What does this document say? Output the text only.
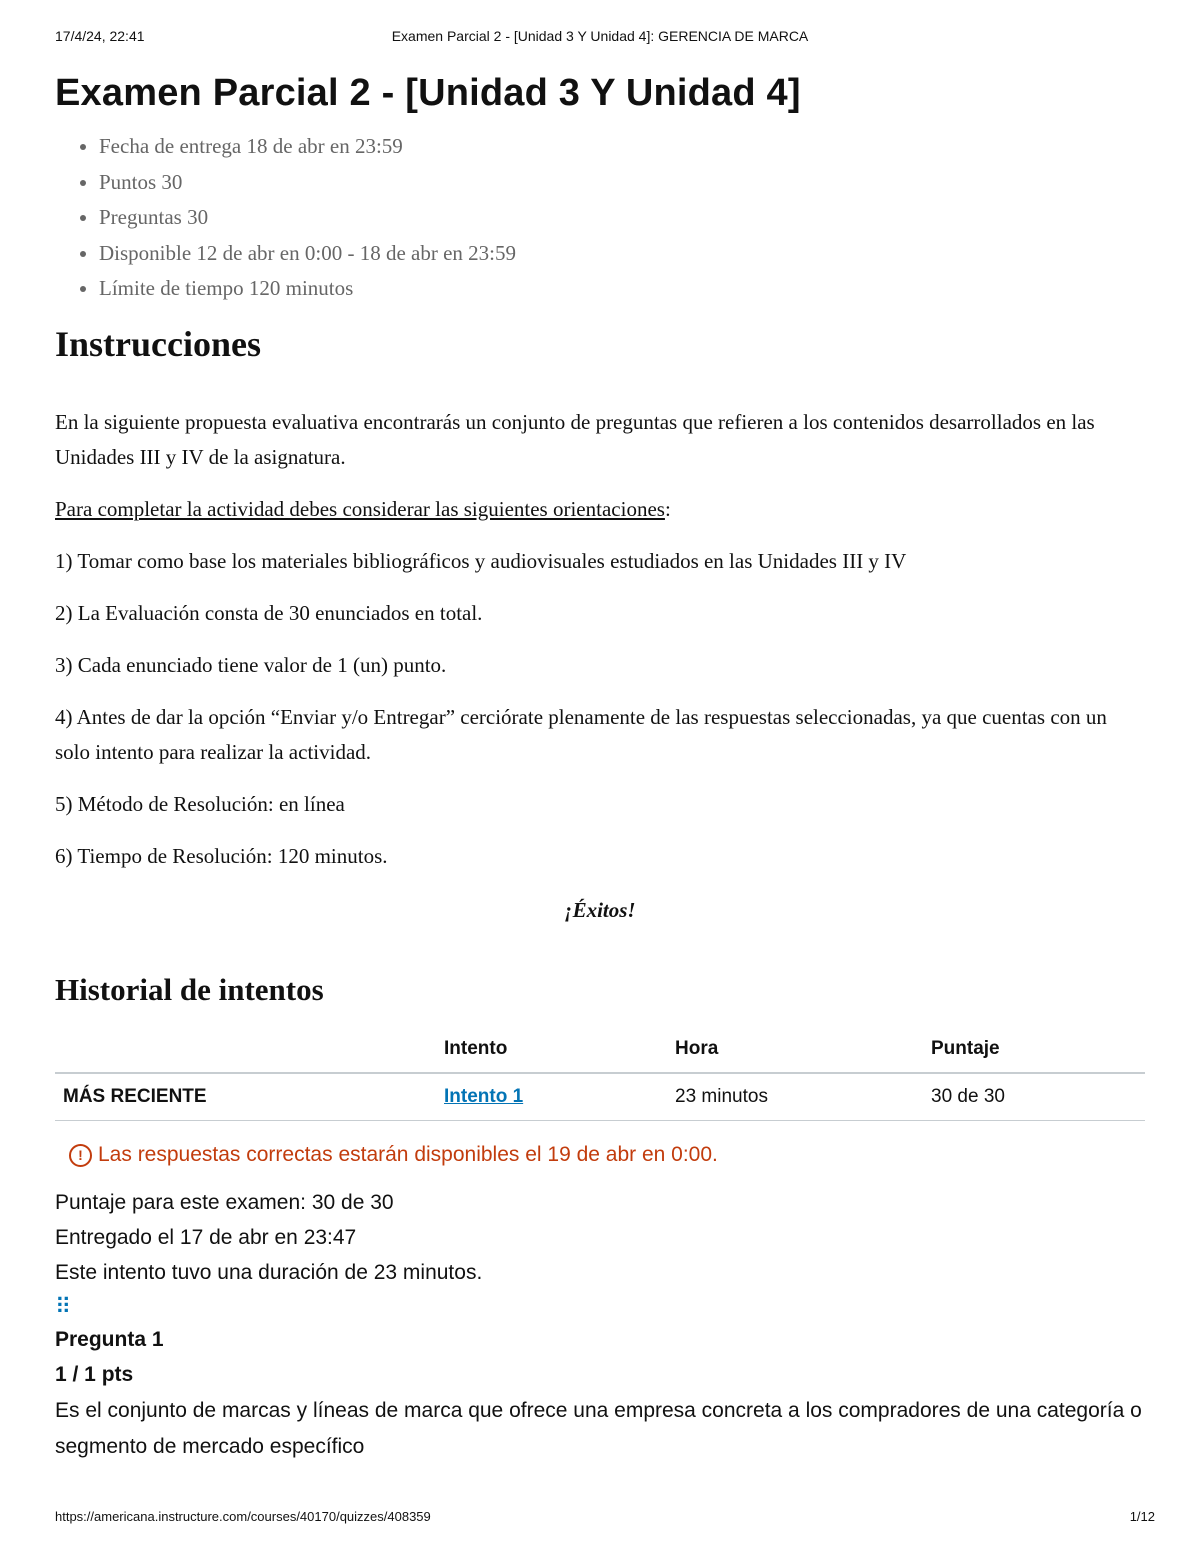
17/4/24, 22:41	Examen Parcial 2 - [Unidad 3 Y Unidad 4]: GERENCIA DE MARCA
Examen Parcial 2 - [Unidad 3 Y Unidad 4]
• Fecha de entrega 18 de abr en 23:59
• Puntos 30
• Preguntas 30
• Disponible 12 de abr en 0:00 - 18 de abr en 23:59
• Límite de tiempo 120 minutos
Instrucciones

En la siguiente propuesta evaluativa encontrarás un conjunto de preguntas que refieren a los contenidos desarrollados en las Unidades III y IV de la asignatura.

Para completar la actividad debes considerar las siguientes orientaciones:

1) Tomar como base los materiales bibliográficos y audiovisuales estudiados en las Unidades III y IV

2) La Evaluación consta de 30 enunciados en total.

3) Cada enunciado tiene valor de 1 (un) punto.

4) Antes de dar la opción “Enviar y/o Entregar” cerciórate plenamente de las respuestas seleccionadas, ya que cuentas con un solo intento para realizar la actividad.

5) Método de Resolución: en línea

6) Tiempo de Resolución: 120 minutos.

¡Éxitos!

Historial de intentos
	Intento	Hora	Puntaje
MÁS RECIENTE	Intento 1	23 minutos	30 de 30
! Las respuestas correctas estarán disponibles el 19 de abr en 0:00.
Puntaje para este examen: 30 de 30
Entregado el 17 de abr en 23:47
Este intento tuvo una duración de 23 minutos.
⠿
Pregunta 1
1 / 1 pts
Es el conjunto de marcas y líneas de marca que ofrece una empresa concreta a los compradores de una categoría o segmento de mercado específico
https://americana.instructure.com/courses/40170/quizzes/408359	1/12
